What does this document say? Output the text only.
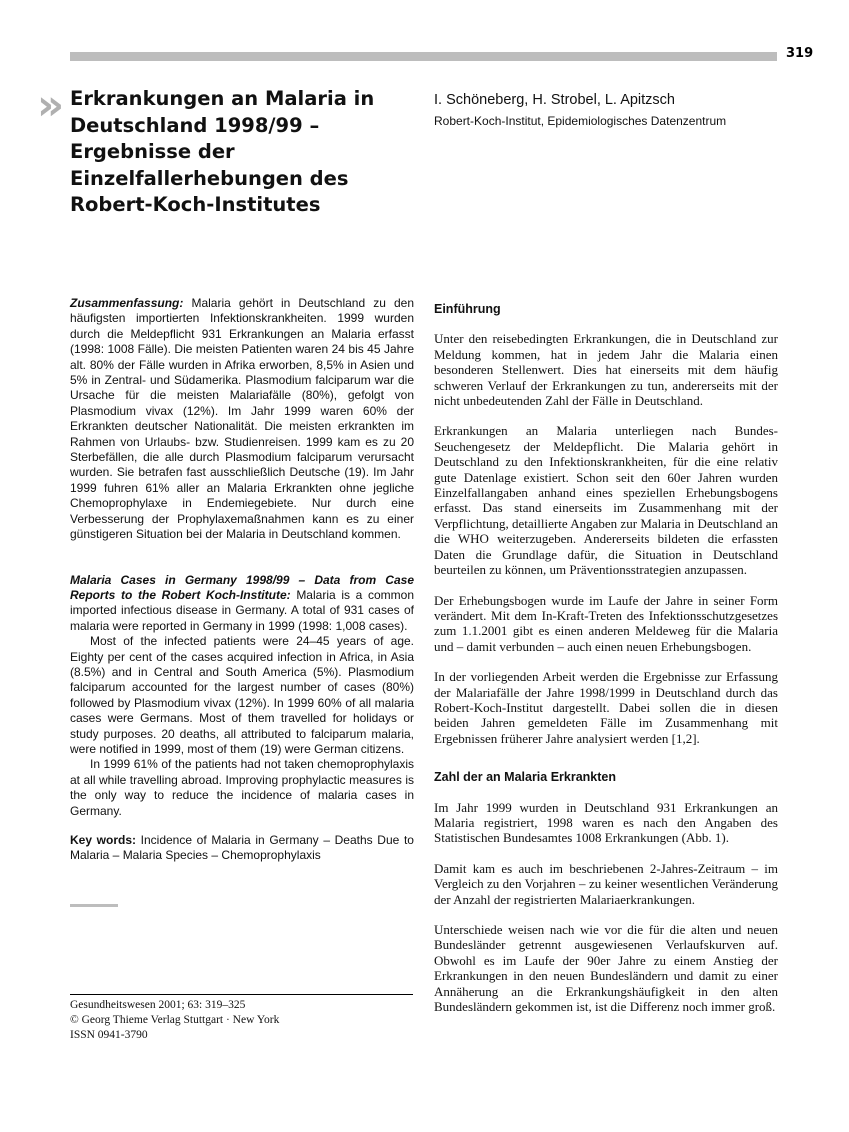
319
» Erkrankungen an Malaria in Deutschland 1998/99 – Ergebnisse der Einzelfallerhebungen des Robert-Koch-Institutes
I. Schöneberg, H. Strobel, L. Apitzsch
Robert-Koch-Institut, Epidemiologisches Datenzentrum

Zusammenfassung: Malaria gehört in Deutschland zu den häufigsten importierten Infektionskrankheiten. 1999 wurden durch die Meldepflicht 931 Erkrankungen an Malaria erfasst (1998: 1008 Fälle). Die meisten Patienten waren 24 bis 45 Jahre alt. 80% der Fälle wurden in Afrika erworben, 8,5% in Asien und 5% in Zentral- und Südamerika. Plasmodium falciparum war die Ursache für die meisten Malariafälle (80%), gefolgt von Plasmodium vivax (12%). Im Jahr 1999 waren 60% der Erkrankten deutscher Nationalität. Die meisten erkrankten im Rahmen von Urlaubs- bzw. Studienreisen. 1999 kam es zu 20 Sterbefällen, die alle durch Plasmodium falciparum verursacht wurden. Sie betrafen fast ausschließlich Deutsche (19). Im Jahr 1999 fuhren 61% aller an Malaria Erkrankten ohne jegliche Chemoprophylaxe in Endemiegebiete. Nur durch eine Verbesserung der Prophylaxemaßnahmen kann es zu einer günstigeren Situation bei der Malaria in Deutschland kommen.

Malaria Cases in Germany 1998/99 – Data from Case Reports to the Robert Koch-Institute: Malaria is a common imported infectious disease in Germany. A total of 931 cases of malaria were reported in Germany in 1999 (1998: 1,008 cases).

Most of the infected patients were 24–45 years of age. Eighty per cent of the cases acquired infection in Africa, in Asia (8.5%) and in Central and South America (5%). Plasmodium falciparum accounted for the largest number of cases (80%) followed by Plasmodium vivax (12%). In 1999 60% of all malaria cases were Germans. Most of them travelled for holidays or study purposes. 20 deaths, all attributed to falciparum malaria, were notified in 1999, most of them (19) were German citizens.

In 1999 61% of the patients had not taken chemoprophylaxis at all while travelling abroad. Improving prophylactic measures is the only way to reduce the incidence of malaria cases in Germany.

Key words: Incidence of Malaria in Germany – Deaths Due to Malaria – Malaria Species – Chemoprophylaxis

Gesundheitswesen 2001; 63: 319–325
© Georg Thieme Verlag Stuttgart · New York
ISSN 0941-3790
Einführung

Unter den reisebedingten Erkrankungen, die in Deutschland zur Meldung kommen, hat in jedem Jahr die Malaria einen besonderen Stellenwert. Dies hat einerseits mit dem häufig schweren Verlauf der Erkrankungen zu tun, andererseits mit der nicht unbedeutenden Zahl der Fälle in Deutschland.

Erkrankungen an Malaria unterliegen nach Bundes-Seuchengesetz der Meldepflicht. Die Malaria gehört in Deutschland zu den Infektionskrankheiten, für die eine relativ gute Datenlage existiert. Schon seit den 60er Jahren wurden Einzelfallangaben anhand eines speziellen Erhebungsbogens erfasst. Das stand einerseits im Zusammenhang mit der Verpflichtung, detaillierte Angaben zur Malaria in Deutschland an die WHO weiterzugeben. Andererseits bildeten die erfassten Daten die Grundlage dafür, die Situation in Deutschland beurteilen zu können, um Präventionsstrategien anzupassen.

Der Erhebungsbogen wurde im Laufe der Jahre in seiner Form verändert. Mit dem In-Kraft-Treten des Infektionsschutzgesetzes zum 1.1.2001 gibt es einen anderen Meldeweg für die Malaria und – damit verbunden – auch einen neuen Erhebungsbogen.

In der vorliegenden Arbeit werden die Ergebnisse zur Erfassung der Malariafälle der Jahre 1998/1999 in Deutschland durch das Robert-Koch-Institut dargestellt. Dabei sollen die in diesen beiden Jahren gemeldeten Fälle im Zusammenhang mit Ergebnissen früherer Jahre analysiert werden [1,2].

Zahl der an Malaria Erkrankten

Im Jahr 1999 wurden in Deutschland 931 Erkrankungen an Malaria registriert, 1998 waren es nach den Angaben des Statistischen Bundesamtes 1008 Erkrankungen (Abb. 1).

Damit kam es auch im beschriebenen 2-Jahres-Zeitraum – im Vergleich zu den Vorjahren – zu keiner wesentlichen Veränderung der Anzahl der registrierten Malariaerkrankungen.

Unterschiede weisen nach wie vor die für die alten und neuen Bundesländer getrennt ausgewiesenen Verlaufskurven auf. Obwohl es im Laufe der 90er Jahre zu einem Anstieg der Erkrankungen in den neuen Bundesländern und damit zu einer Annäherung an die Erkrankungshäufigkeit in den alten Bundesländern gekommen ist, ist die Differenz noch immer groß.
